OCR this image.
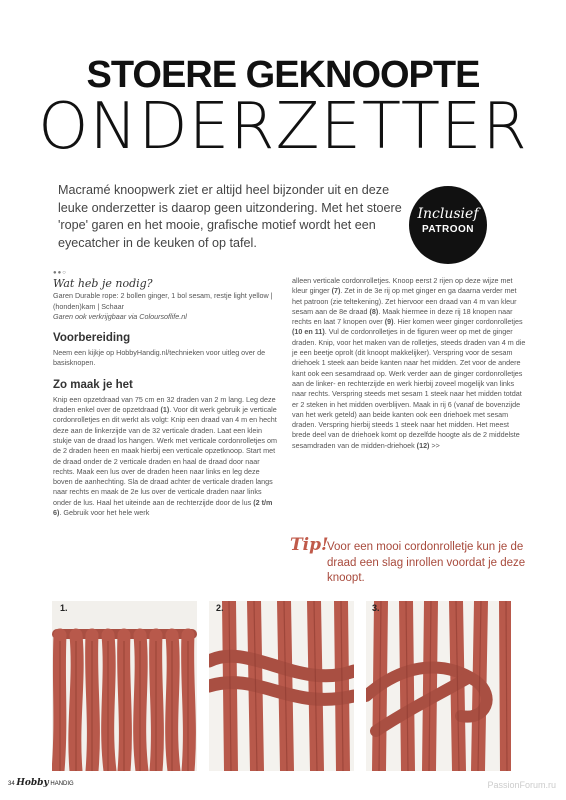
STOERE GEKNOOPTE
ONDERZETTER
Macramé knoopwerk ziet er altijd heel bijzonder uit en deze leuke onderzetter is daarop geen uitzondering. Met het stoere 'rope' garen en het mooie, grafische motief wordt het een eyecatcher in de keuken of op tafel.
Inclusief
PATROON
●●○
Wat heb je nodig?

Garen Durable rope: 2 bollen ginger, 1 bol sesam, restje light yellow | (honden)kam | Schaar

Garen ook verkrijgbaar via Coloursoflife.nl

Voorbereiding

Neem een kijkje op HobbyHandig.nl/technieken voor uitleg over de basisknopen.

Zo maak je het

Knip een opzetdraad van 75 cm en 32 draden van 2 m lang. Leg deze draden enkel over de opzetdraad (1). Voor dit werk gebruik je verticale cordonrolletjes en dit werkt als volgt: Knip een draad van 4 m en hecht deze aan de linkerzijde van de 32 verticale draden. Laat een klein stukje van de draad los hangen. Werk met verticale cordonrolletjes om de 2 draden heen en maak hierbij een verticale opzetknoop. Start met de draad onder de 2 verticale draden en haal de draad door naar rechts. Maak een lus over de draden heen naar links en leg deze boven de aanhechting. Sla de draad achter de verticale draden langs naar rechts en maak de 2e lus over de verticale draden naar links onder de lus. Haal het uiteinde aan de rechterzijde door de lus (2 t/m 6). Gebruik voor het hele werk

alleen verticale cordonrolletjes. Knoop eerst 2 rijen op deze wijze met kleur ginger (7). Zet in de 3e rij op met ginger en ga daarna verder met het patroon (zie teltekening). Zet hiervoor een draad van 4 m van kleur sesam aan de 8e draad (8). Maak hiermee in deze rij 18 knopen naar rechts en laat 7 knopen over (9). Hier komen weer ginger cordonrolletjes (10 en 11). Vul de cordonrolletjes in de figuren weer op met de ginger draden. Knip, voor het maken van de rolletjes, steeds draden van 4 m die je een beetje oprolt (dit knoopt makkelijker). Verspring voor de sesam driehoek 1 steek aan beide kanten naar het midden. Zet voor de andere kant ook een sesamdraad op. Werk verder aan de ginger cordonrolletjes aan de linker- en rechterzijde en werk hierbij zoveel mogelijk van links naar rechts. Verspring steeds met sesam 1 steek naar het midden totdat er 2 steken in het midden overblijven. Maak in rij 6 (vanaf de bovenzijde van het werk geteld) aan beide kanten ook een driehoek met sesam draden. Verspring hierbij steeds 1 steek naar het midden. Het meest brede deel van de driehoek komt op dezelfde hoogte als de 2 middelste sesamdraden van de midden-driehoek (12) >>

Tip!
Voor een mooi cordonrolletje kun je de draad een slag inrollen voordat je deze knoopt.
1.	2.	3.
34 Hobby HANDIG	PassionForum.ru
